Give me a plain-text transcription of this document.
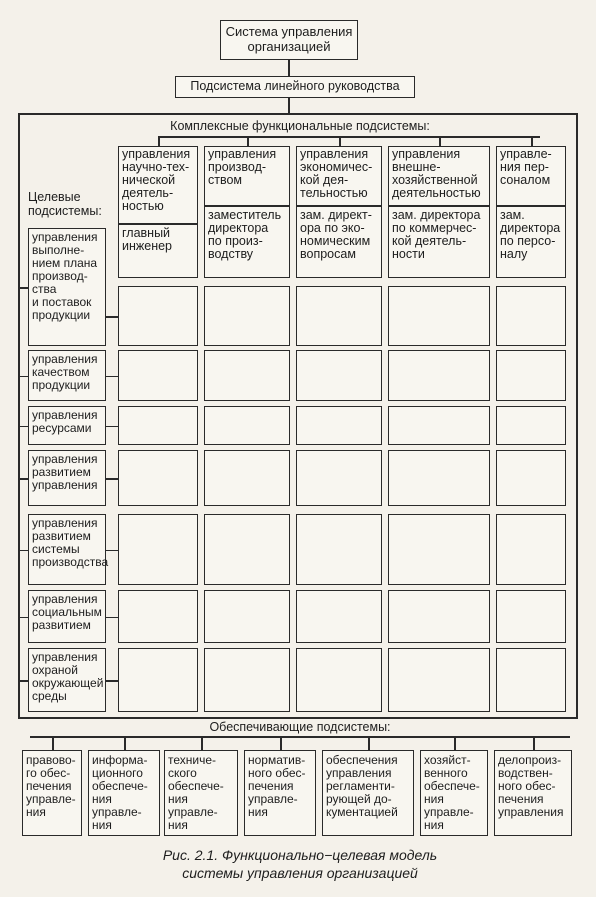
Система управления
организацией
Подсистема линейного руководства
Комплексные функциональные подсистемы:
управления
научно-тех-
нической
деятель-
ностью
главный
инженер
управления
производ-
ством
заместитель
директора
по произ-
водству
управления
экономичес-
кой дея-
тельностью
зам. директ-
ора по эко-
номическим
вопросам
управления
внешне-
хозяйственной
деятельностью
зам. директора
по коммерчес-
кой деятель-
ности
управле-
ния пер-
соналом
зам.
директора
по персо-
налу
Целевые
подсистемы:
управления
выполне-
нием плана
производ-
ства
и поставок
продукции
управления
качеством
продукции
управления
ресурсами
управления
развитием
управления
управления
развитием
системы
производства
управления
социальным
развитием
управления
охраной
окружающей
среды
Обеспечивающие подсистемы:
правово-
го обес-
печения
управле-
ния
информа-
ционного
обеспече-
ния управле-
ния
техниче-
ского
обеспече-
ния управле-
ния
норматив-
ного обес-
печения
управле-
ния
обеспечения
управления
регламенти-
рующей до-
кументацией
хозяйст-
венного
обеспече-
ния управле-
ния
делопроиз-
водствен-
ного обес-
печения
управления
Рис. 2.1. Функционально−целевая модель
системы управления организацией
